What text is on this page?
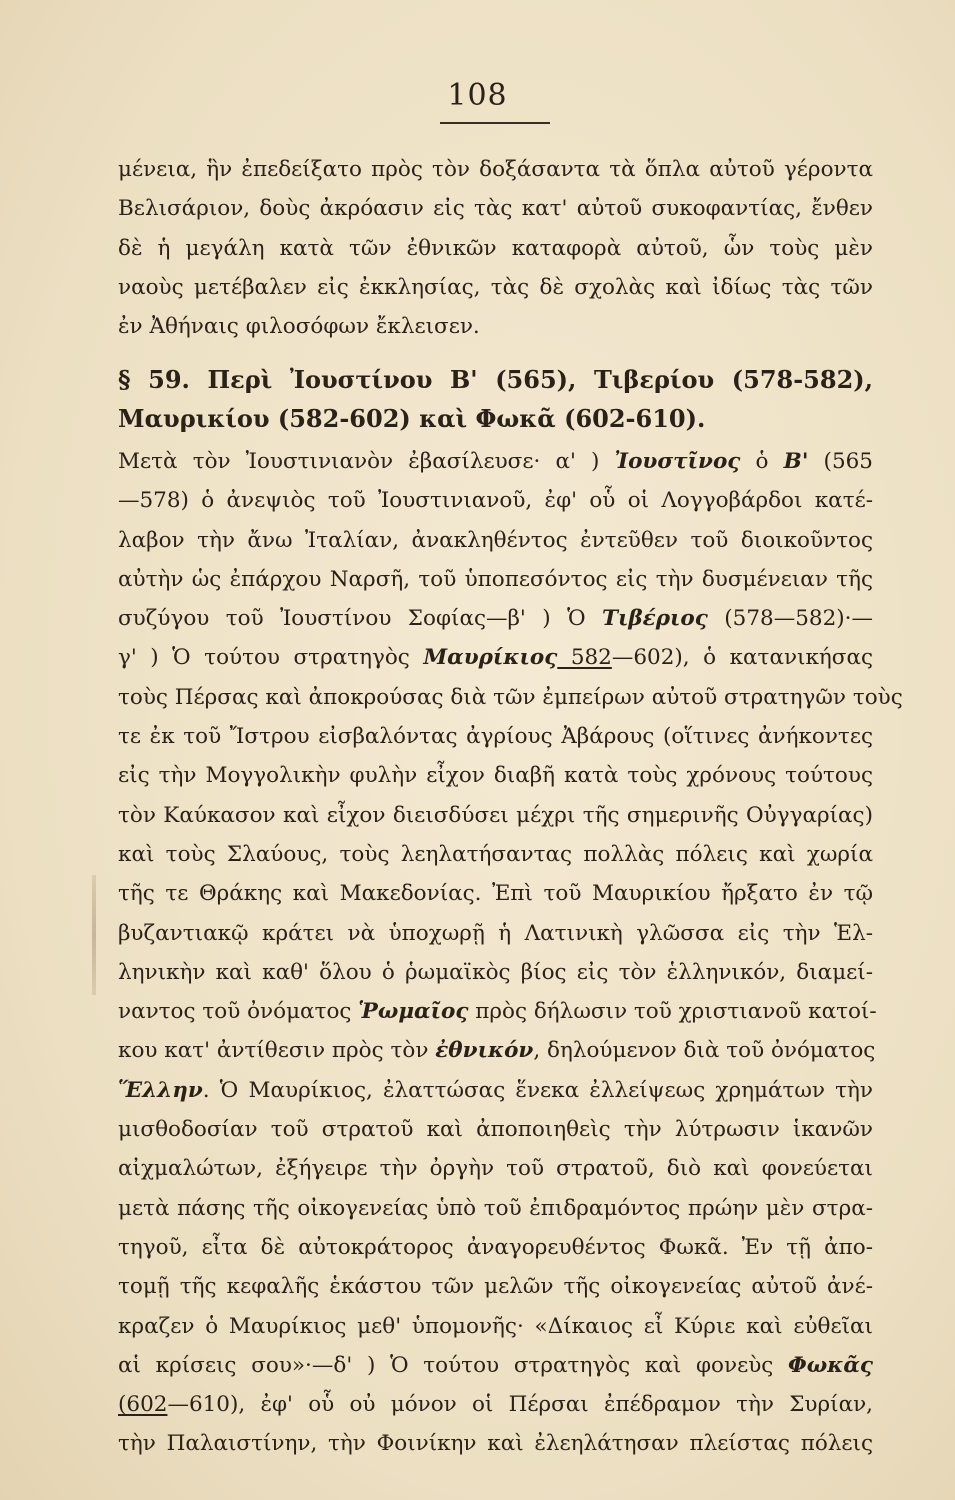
108
μένεια, ἣν ἐπεδείξατο πρὸς τὸν δοξάσαντα τὰ ὅπλα αὐτοῦ γέροντα
Βελισάριον, δοὺς ἀκρόασιν εἰς τὰς κατ' αὐτοῦ συκοφαντίας, ἔνθεν
δὲ ἡ μεγάλη κατὰ τῶν ἐθνικῶν καταφορὰ αὐτοῦ, ὧν τοὺς μὲν
ναοὺς μετέβαλεν εἰς ἐκκλησίας, τὰς δὲ σχολὰς καὶ ἰδίως τὰς τῶν
ἐν Ἀθήναις φιλοσόφων ἔκλεισεν.
§ 59. Περὶ Ἰουστίνου Β' (565), Τιβερίου (578-582),
Μαυρικίου (582-602) καὶ Φωκᾶ (602-610).
Μετὰ τὸν Ἰουστινιανὸν ἐβασίλευσε· α' ) Ἰουστῖνος ὁ Β' (565
—578) ὁ ἀνεψιὸς τοῦ Ἰουστινιανοῦ, ἐφ' οὗ οἱ Λογγοβάρδοι κατέ-
λαβον τὴν ἄνω Ἰταλίαν, ἀνακληθέντος ἐντεῦθεν τοῦ διοικοῦντος
αὐτὴν ὡς ἐπάρχου Ναρσῆ, τοῦ ὑποπεσόντος εἰς τὴν δυσμένειαν τῆς
συζύγου τοῦ Ἰουστίνου Σοφίας—β' ) Ὁ Τιβέριος (578—582)·—
γ' ) Ὁ τούτου στρατηγὸς Μαυρίκιος 582—602), ὁ κατανικήσας
τοὺς Πέρσας καὶ ἀποκρούσας διὰ τῶν ἐμπείρων αὐτοῦ στρατηγῶν τοὺς
τε ἐκ τοῦ Ἴστρου εἰσβαλόντας ἀγρίους Ἀβάρους (οἵτινες ἀνήκοντες
εἰς τὴν Μογγολικὴν φυλὴν εἶχον διαβῆ κατὰ τοὺς χρόνους τούτους
τὸν Καύκασον καὶ εἶχον διεισδύσει μέχρι τῆς σημερινῆς Οὐγγαρίας)
καὶ τοὺς Σλαύους, τοὺς λεηλατήσαντας πολλὰς πόλεις καὶ χωρία
τῆς τε Θράκης καὶ Μακεδονίας. Ἐπὶ τοῦ Μαυρικίου ἤρξατο ἐν τῷ
βυζαντιακῷ κράτει νὰ ὑποχωρῇ ἡ Λατινικὴ γλῶσσα εἰς τὴν Ἑλ-
ληνικὴν καὶ καθ' ὅλου ὁ ῥωμαϊκὸς βίος εἰς τὸν ἑλληνικόν, διαμεί-
ναντος τοῦ ὀνόματος Ῥωμαῖος πρὸς δήλωσιν τοῦ χριστιανοῦ κατοί-
κου κατ' ἀντίθεσιν πρὸς τὸν ἐθνικόν, δηλούμενον διὰ τοῦ ὀνόματος
Ἕλλην. Ὁ Μαυρίκιος, ἐλαττώσας ἕνεκα ἐλλείψεως χρημάτων τὴν
μισθοδοσίαν τοῦ στρατοῦ καὶ ἀποποιηθεὶς τὴν λύτρωσιν ἱκανῶν
αἰχμαλώτων, ἐξήγειρε τὴν ὀργὴν τοῦ στρατοῦ, διὸ καὶ φονεύεται
μετὰ πάσης τῆς οἰκογενείας ὑπὸ τοῦ ἐπιδραμόντος πρώην μὲν στρα-
τηγοῦ, εἶτα δὲ αὐτοκράτορος ἀναγορευθέντος Φωκᾶ. Ἐν τῇ ἀπο-
τομῇ τῆς κεφαλῆς ἑκάστου τῶν μελῶν τῆς οἰκογενείας αὐτοῦ ἀνέ-
κραζεν ὁ Μαυρίκιος μεθ' ὑπομονῆς· «Δίκαιος εἶ Κύριε καὶ εὐθεῖαι
αἱ κρίσεις σου»·—δ' ) Ὁ τούτου στρατηγὸς καὶ φονεὺς Φωκᾶς
(602—610), ἐφ' οὗ οὐ μόνον οἱ Πέρσαι ἐπέδραμον τὴν Συρίαν,
τὴν Παλαιστίνην, τὴν Φοινίκην καὶ ἐλεηλάτησαν πλείστας πόλεις
